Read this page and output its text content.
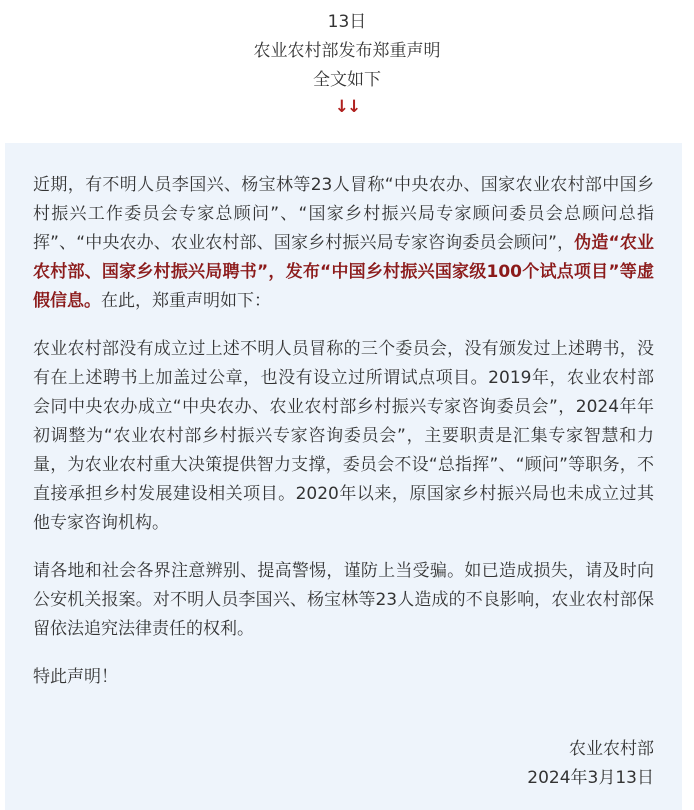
13日
农业农村部发布郑重声明
全文如下
↓↓

近期，有不明人员李国兴、杨宝林等23人冒称“中央农办、国家农业农村部中国乡村振兴工作委员会专家总顾问”、“国家乡村振兴局专家顾问委员会总顾问总指挥”、“中央农办、农业农村部、国家乡村振兴局专家咨询委员会顾问”，伪造“农业农村部、国家乡村振兴局聘书”，发布“中国乡村振兴国家级100个试点项目”等虚假信息。在此，郑重声明如下：

农业农村部没有成立过上述不明人员冒称的三个委员会，没有颁发过上述聘书，没有在上述聘书上加盖过公章，也没有设立过所谓试点项目。2019年，农业农村部会同中央农办成立“中央农办、农业农村部乡村振兴专家咨询委员会”，2024年年初调整为“农业农村部乡村振兴专家咨询委员会”，主要职责是汇集专家智慧和力量，为农业农村重大决策提供智力支撑，委员会不设“总指挥”、“顾问”等职务，不直接承担乡村发展建设相关项目。2020年以来，原国家乡村振兴局也未成立过其他专家咨询机构。

请各地和社会各界注意辨别、提高警惕，谨防上当受骗。如已造成损失，请及时向公安机关报案。对不明人员李国兴、杨宝林等23人造成的不良影响，农业农村部保留依法追究法律责任的权利。

特此声明！

农业农村部
2024年3月13日
